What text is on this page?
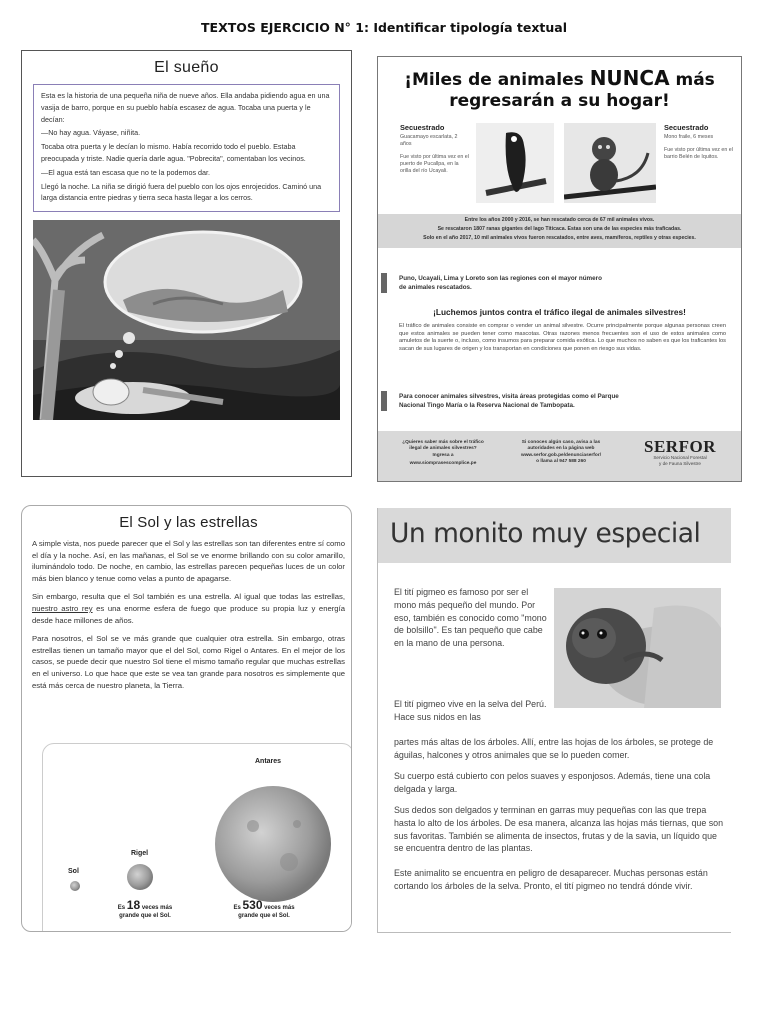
TEXTOS EJERCICIO N° 1: Identificar tipología textual
El sueño

Esta es la historia de una pequeña niña de nueve años. Ella andaba pidiendo agua en una vasija de barro, porque en su pueblo había escasez de agua. Tocaba una puerta y le decían:

—No hay agua. Váyase, niñita.

Tocaba otra puerta y le decían lo mismo. Había recorrido todo el pueblo. Estaba preocupada y triste. Nadie quería darle agua. "Pobrecita", comentaban los vecinos.

—El agua está tan escasa que no te la podemos dar.

Llegó la noche. La niña se dirigió fuera del pueblo con los ojos enrojecidos. Caminó una larga distancia entre piedras y tierra seca hasta llegar a los cerros.

¡Miles de animales NUNCA más
regresarán a su hogar!
Secuestrado
Guacamayo escarlata, 2 años
Fue visto por última vez en el puerto de Pucallpa, en la orilla del río Ucayali.
Secuestrado
Mono fraile, 6 meses
Fue visto por última vez en el barrio Belén de Iquitos.
Entre los años 2000 y 2016, se han rescatado cerca de 67 mil animales vivos.
Se rescataron 1807 ranas gigantes del lago Titicaca. Estas son una de las especies más traficadas.
Solo en el año 2017, 10 mil animales vivos fueron rescatados, entre aves, mamíferos, reptiles y otras especies.
Puno, Ucayali, Lima y Loreto son las regiones con el mayor número
de animales rescatados.
¡Luchemos juntos contra el tráfico ilegal de animales silvestres!
El tráfico de animales consiste en comprar o vender un animal silvestre. Ocurre principalmente porque algunas personas creen que estos animales se pueden tener como mascotas. Otras razones menos frecuentes son el uso de estos animales como amuletos de la suerte o, incluso, como insumos para preparar comida exótica. Lo que muchos no saben es que los traficantes los sacan de sus lugares de origen y los transportan en condiciones que ponen en riesgo sus vidas.
Para conocer animales silvestres, visita áreas protegidas como el Parque
Nacional Tingo María o la Reserva Nacional de Tambopata.
¿Quieres saber más sobre el tráfico
ilegal de animales silvestres?
Ingresa a
www.siomprasescomplice.pe
Si conoces algún caso, avisa a las
autoridades en la página web
www.serfor.gob.pe/denunciaserfor/
o llama al 947 588 260
SERFOR
Servicio Nacional Forestal
y de Fauna Silvestre
El Sol y las estrellas

A simple vista, nos puede parecer que el Sol y las estrellas son tan diferentes entre sí como el día y la noche. Así, en las mañanas, el Sol se ve enorme brillando con su color amarillo, iluminándolo todo. De noche, en cambio, las estrellas parecen pequeñas luces de un color más bien blanco y tenue como velas a punto de apagarse.

Sin embargo, resulta que el Sol también es una estrella. Al igual que todas las estrellas, nuestro astro rey es una enorme esfera de fuego que produce su propia luz y energía desde hace millones de años.

Para nosotros, el Sol se ve más grande que cualquier otra estrella. Sin embargo, otras estrellas tienen un tamaño mayor que el del Sol, como Rigel o Antares. En el mejor de los casos, se puede decir que nuestro Sol tiene el mismo tamaño regular que muchas estrellas en el universo. Lo que hace que este se vea tan grande para nosotros es simplemente que está más cerca de nuestro planeta, la Tierra.

Sol
Rigel
Antares
Es 18 veces más
grande que el Sol.
Es 530 veces más
grande que el Sol.
Un monito muy especial
El tití pigmeo es famoso por ser el mono más pequeño del mundo. Por eso, también es conocido como "mono de bolsillo". Es tan pequeño que cabe en la mano de una persona.
El tití pigmeo vive en la selva del Perú. Hace sus nidos en las
partes más altas de los árboles. Allí, entre las hojas de los árboles, se protege de águilas, halcones y otros animales que se lo pueden comer.
Su cuerpo está cubierto con pelos suaves y esponjosos. Además, tiene una cola delgada y larga.
Sus dedos son delgados y terminan en garras muy pequeñas con las que trepa hasta lo alto de los árboles. De esa manera, alcanza las hojas más tiernas, que son sus favoritas. También se alimenta de insectos, frutas y de la savia, un líquido que se encuentra dentro de las plantas.
Este animalito se encuentra en peligro de desaparecer. Muchas personas están cortando los árboles de la selva. Pronto, el tití pigmeo no tendrá dónde vivir.
